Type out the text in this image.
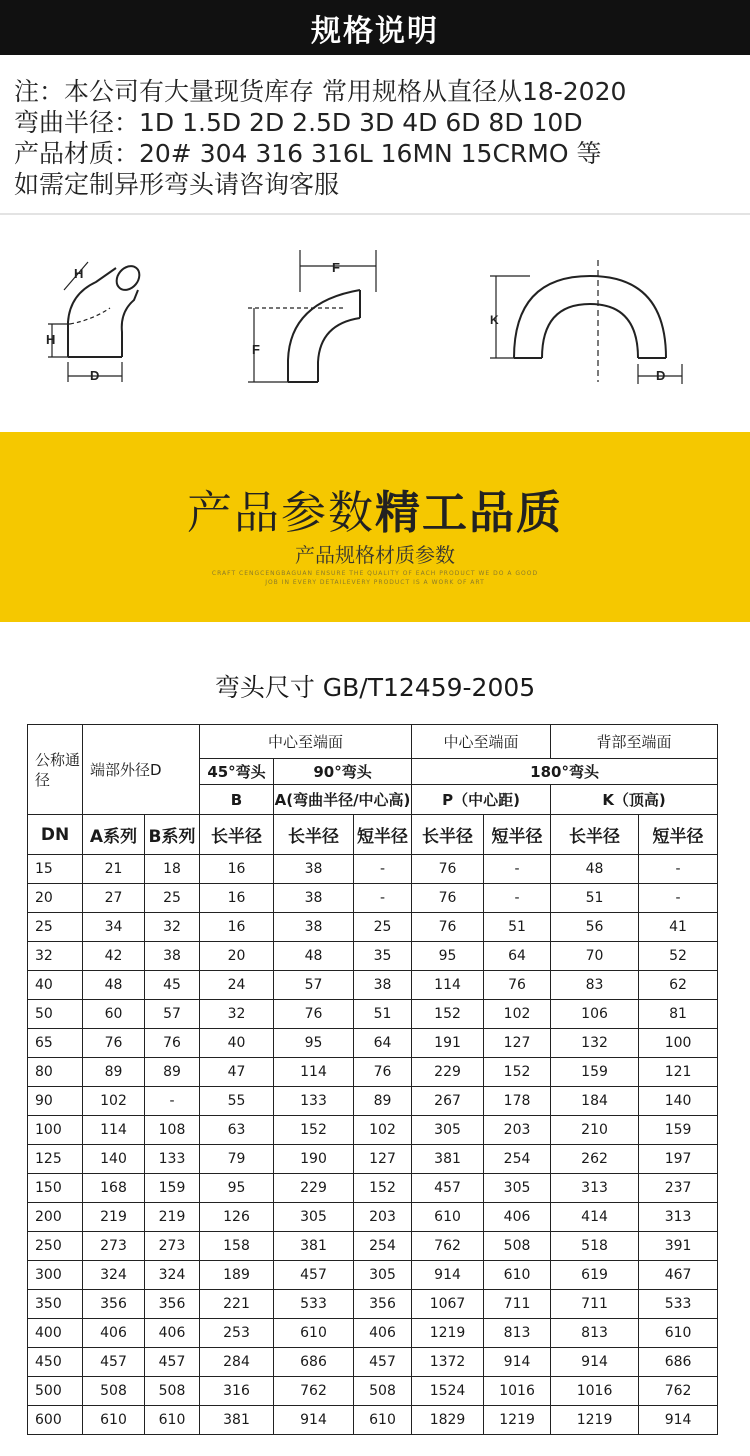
规格说明

注：本公司有大量现货库存 常用规格从直径从18-2020

弯曲半径：1D 1.5D 2D 2.5D 3D 4D 6D 8D 10D

产品材质：20# 304 316 316L 16MN 15CRMO 等

如需定制异形弯头请咨询客服

H
H
D
F
F
K
D
产品参数精工品质
产品规格材质参数
CRAFT CENGCENGBAGUAN ENSURE THE QUALITY OF EACH PRODUCT WE DO A GOOD
JOB IN EVERY DETAILEVERY PRODUCT IS A WORK OF ART
弯头尺寸 GB/T12459-2005
公称通径	端部外径D		中心至端面			中心至端面		背部至端面	
			45°弯头	90°弯头		180°弯头			
			B	A(弯曲半径/中心高)		P（中心距)		K（顶高)	
DN	A系列	B系列	长半径	长半径	短半径	长半径	短半径	长半径	短半径
15	21	18	16	38	-	76	-	48	-
20	27	25	16	38	-	76	-	51	-
25	34	32	16	38	25	76	51	56	41
32	42	38	20	48	35	95	64	70	52
40	48	45	24	57	38	114	76	83	62
50	60	57	32	76	51	152	102	106	81
65	76	76	40	95	64	191	127	132	100
80	89	89	47	114	76	229	152	159	121
90	102	-	55	133	89	267	178	184	140
100	114	108	63	152	102	305	203	210	159
125	140	133	79	190	127	381	254	262	197
150	168	159	95	229	152	457	305	313	237
200	219	219	126	305	203	610	406	414	313
250	273	273	158	381	254	762	508	518	391
300	324	324	189	457	305	914	610	619	467
350	356	356	221	533	356	1067	711	711	533
400	406	406	253	610	406	1219	813	813	610
450	457	457	284	686	457	1372	914	914	686
500	508	508	316	762	508	1524	1016	1016	762
600	610	610	381	914	610	1829	1219	1219	914
